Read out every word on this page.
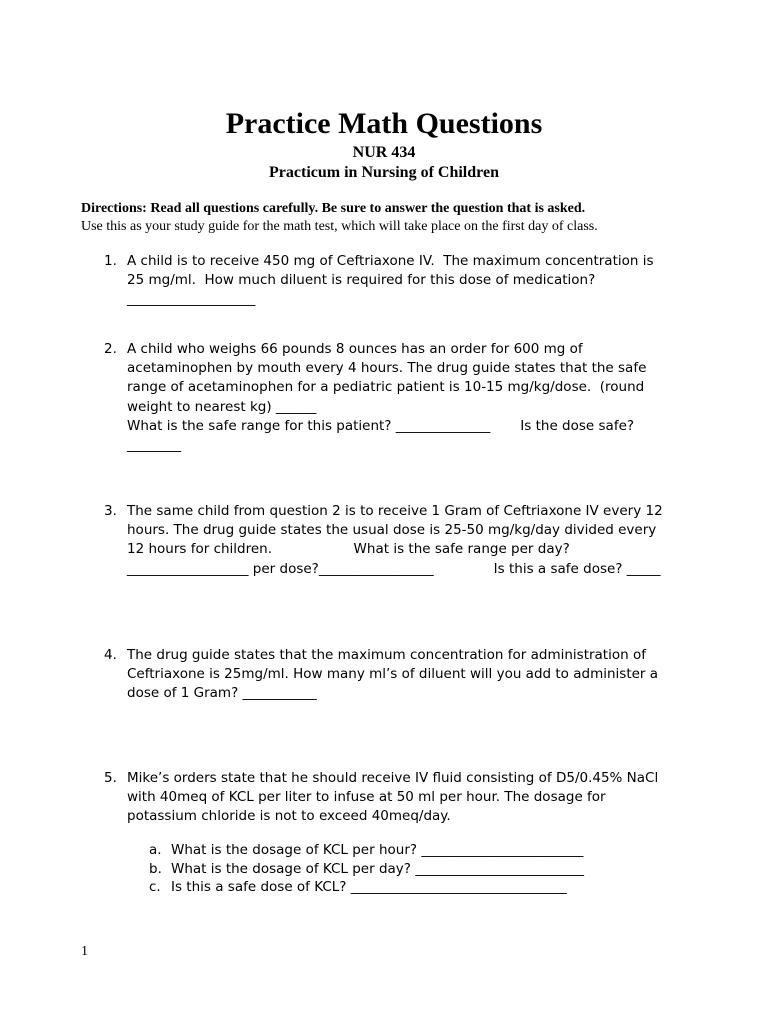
Practice Math Questions
NUR 434
Practicum in Nursing of Children
Directions: Read all questions carefully. Be sure to answer the question that is asked.
Use this as your study guide for the math test, which will take place on the first day of class.
1. A child is to receive 450 mg of Ceftriaxone IV.  The maximum concentration is 25 mg/ml.  How much diluent is required for this dose of medication? ___________________
2. A child who weighs 66 pounds 8 ounces has an order for 600 mg of acetaminophen by mouth every 4 hours. The drug guide states that the safe range of acetaminophen for a pediatric patient is 10-15 mg/kg/dose.  (round weight to nearest kg) ______
What is the safe range for this patient? ______________       Is the dose safe? ________
3. The same child from question 2 is to receive 1 Gram of Ceftriaxone IV every 12 hours. The drug guide states the usual dose is 25-50 mg/kg/day divided every 12 hours for children.                   What is the safe range per day? __________________ per dose?_________________              Is this a safe dose? _____
4. The drug guide states that the maximum concentration for administration of Ceftriaxone is 25mg/ml. How many ml’s of diluent will you add to administer a dose of 1 Gram? ___________
5. Mike’s orders state that he should receive IV fluid consisting of D5/0.45% NaCl with 40meq of KCL per liter to infuse at 50 ml per hour. The dosage for potassium chloride is not to exceed 40meq/day.
a. What is the dosage of KCL per hour? ________________________
b. What is the dosage of KCL per day? _________________________
c. Is this a safe dose of KCL? ________________________________
1
